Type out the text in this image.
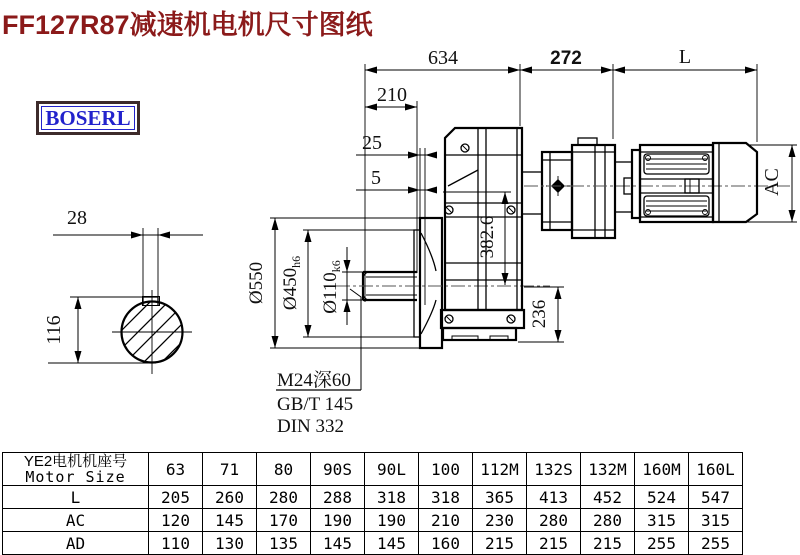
FF127R87减速机电机尺寸图纸
BOSERL
28
116
634	272	L
210
25
5
Ø550 $Ø450_{h6}$
$Ø110_{k6}$
382.6
236
AC
M24深60
GB/T 145
DIN 332
YE2电机机座号
Motor Size	63	71	80	90S	90L	100	112M	132S	132M	160M	160L
L	205	260	280	288	318	318	365	413	452	524	547
AC	120	145	170	190	190	210	230	280	280	315	315
AD	110	130	135	145	145	160	215	215	215	255	255
